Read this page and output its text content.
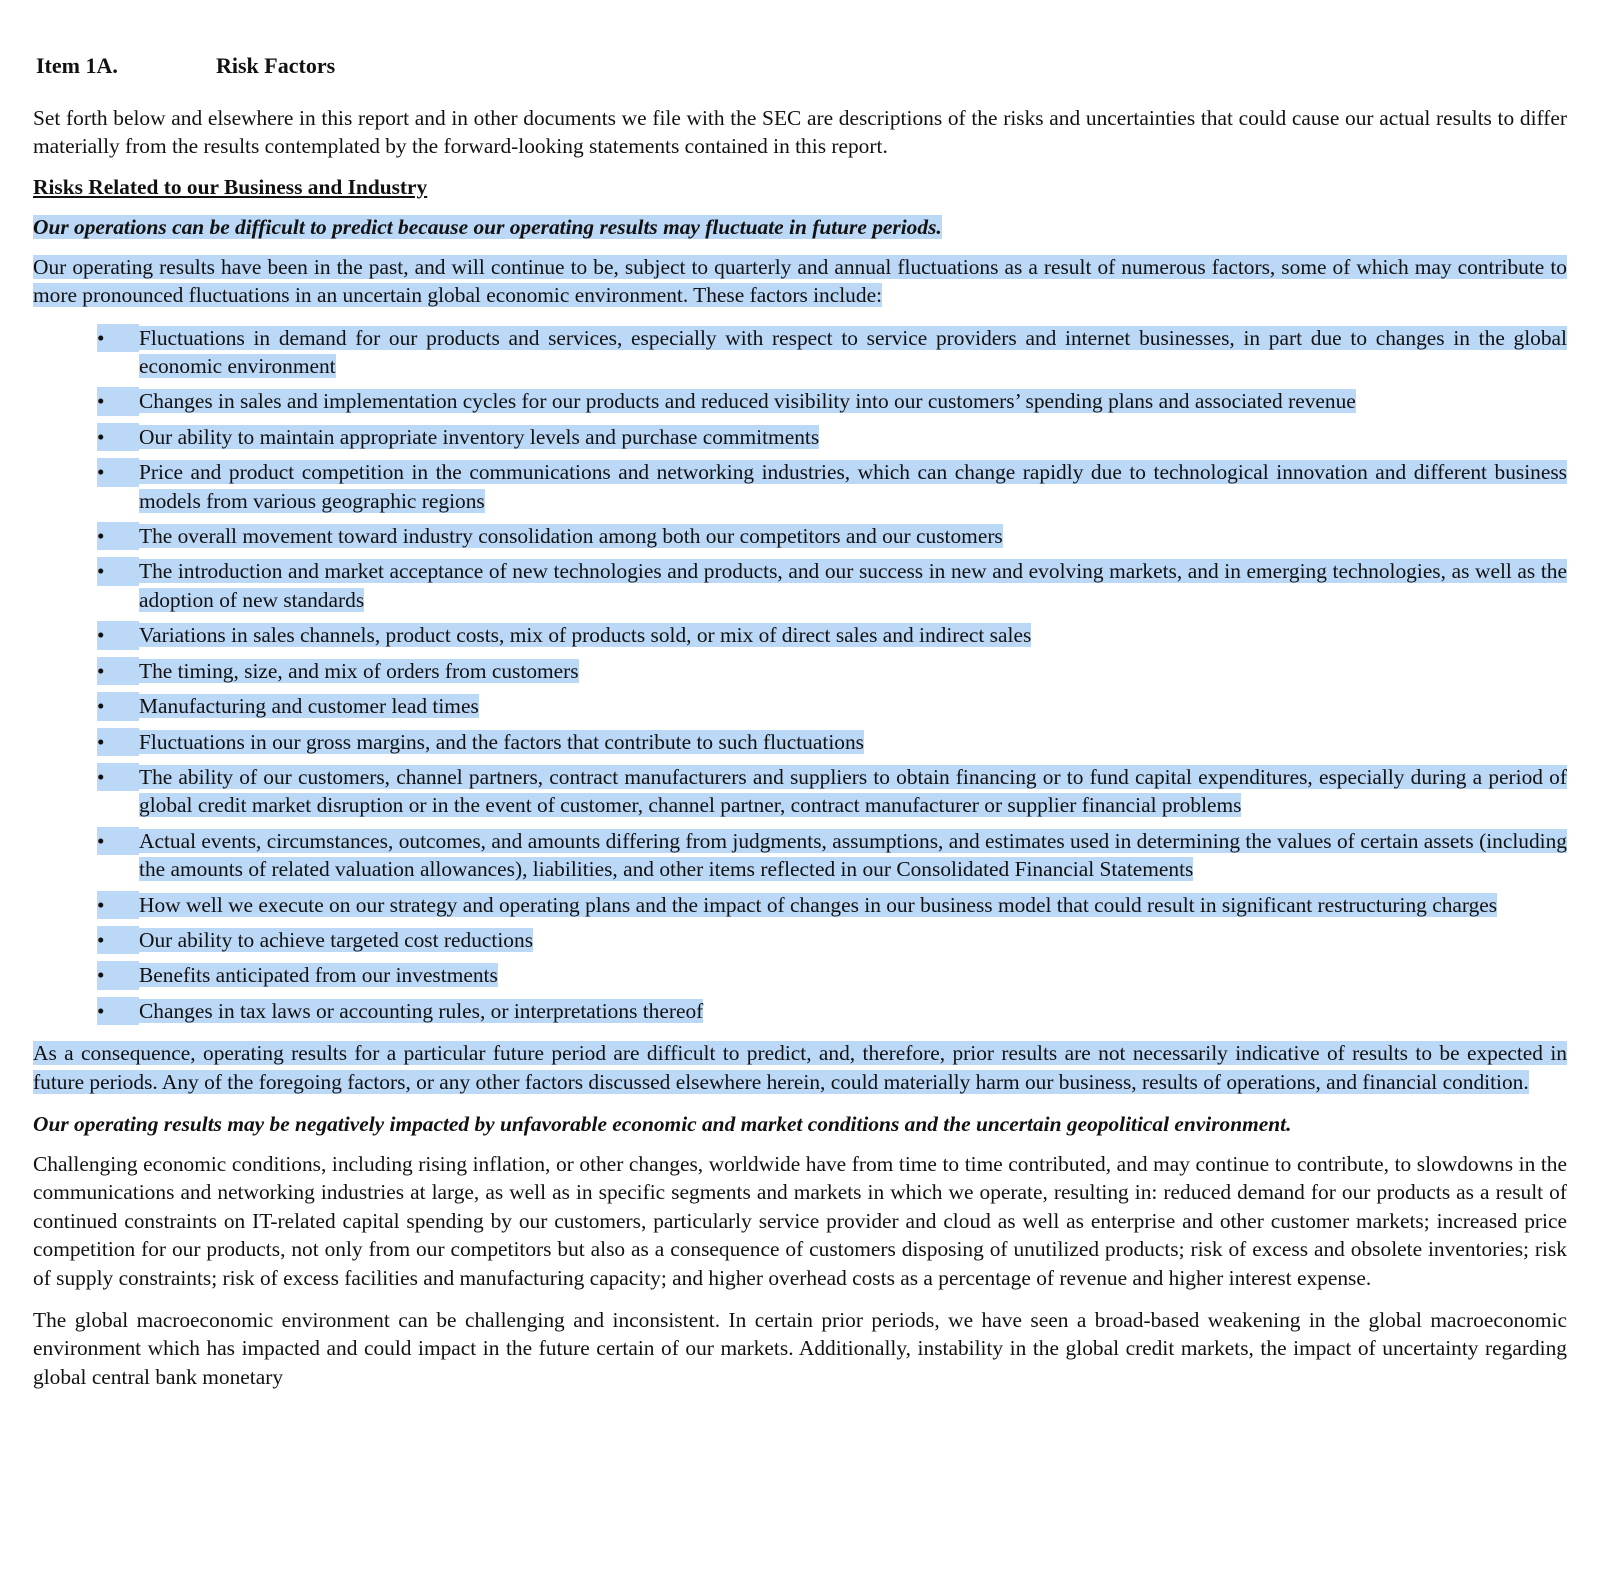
Item 1A.	Risk Factors

Set forth below and elsewhere in this report and in other documents we file with the SEC are descriptions of the risks and uncertainties that could cause our actual results to differ materially from the results contemplated by the forward-looking statements contained in this report.

Risks Related to our Business and Industry
Our operations can be difficult to predict because our operating results may fluctuate in future periods.

Our operating results have been in the past, and will continue to be, subject to quarterly and annual fluctuations as a result of numerous factors, some of which may contribute to more pronounced fluctuations in an uncertain global economic environment. These factors include:

•	Fluctuations in demand for our products and services, especially with respect to service providers and internet businesses, in part due to changes in the global economic environment
•	Changes in sales and implementation cycles for our products and reduced visibility into our customers’ spending plans and associated revenue
•	Our ability to maintain appropriate inventory levels and purchase commitments
•	Price and product competition in the communications and networking industries, which can change rapidly due to technological innovation and different business models from various geographic regions
•	The overall movement toward industry consolidation among both our competitors and our customers
•	The introduction and market acceptance of new technologies and products, and our success in new and evolving markets, and in emerging technologies, as well as the adoption of new standards
•	Variations in sales channels, product costs, mix of products sold, or mix of direct sales and indirect sales
•	The timing, size, and mix of orders from customers
•	Manufacturing and customer lead times
•	Fluctuations in our gross margins, and the factors that contribute to such fluctuations
•	The ability of our customers, channel partners, contract manufacturers and suppliers to obtain financing or to fund capital expenditures, especially during a period of global credit market disruption or in the event of customer, channel partner, contract manufacturer or supplier financial problems
•	Actual events, circumstances, outcomes, and amounts differing from judgments, assumptions, and estimates used in determining the values of certain assets (including the amounts of related valuation allowances), liabilities, and other items reflected in our Consolidated Financial Statements
•	How well we execute on our strategy and operating plans and the impact of changes in our business model that could result in significant restructuring charges
•	Our ability to achieve targeted cost reductions
•	Benefits anticipated from our investments
•	Changes in tax laws or accounting rules, or interpretations thereof

As a consequence, operating results for a particular future period are difficult to predict, and, therefore, prior results are not necessarily indicative of results to be expected in future periods. Any of the foregoing factors, or any other factors discussed elsewhere herein, could materially harm our business, results of operations, and financial condition.

Our operating results may be negatively impacted by unfavorable economic and market conditions and the uncertain geopolitical environment.

Challenging economic conditions, including rising inflation, or other changes, worldwide have from time to time contributed, and may continue to contribute, to slowdowns in the communications and networking industries at large, as well as in specific segments and markets in which we operate, resulting in: reduced demand for our products as a result of continued constraints on IT-related capital spending by our customers, particularly service provider and cloud as well as enterprise and other customer markets; increased price competition for our products, not only from our competitors but also as a consequence of customers disposing of unutilized products; risk of excess and obsolete inventories; risk of supply constraints; risk of excess facilities and manufacturing capacity; and higher overhead costs as a percentage of revenue and higher interest expense.

The global macroeconomic environment can be challenging and inconsistent. In certain prior periods, we have seen a broad-based weakening in the global macroeconomic environment which has impacted and could impact in the future certain of our markets. Additionally, instability in the global credit markets, the impact of uncertainty regarding global central bank monetary
